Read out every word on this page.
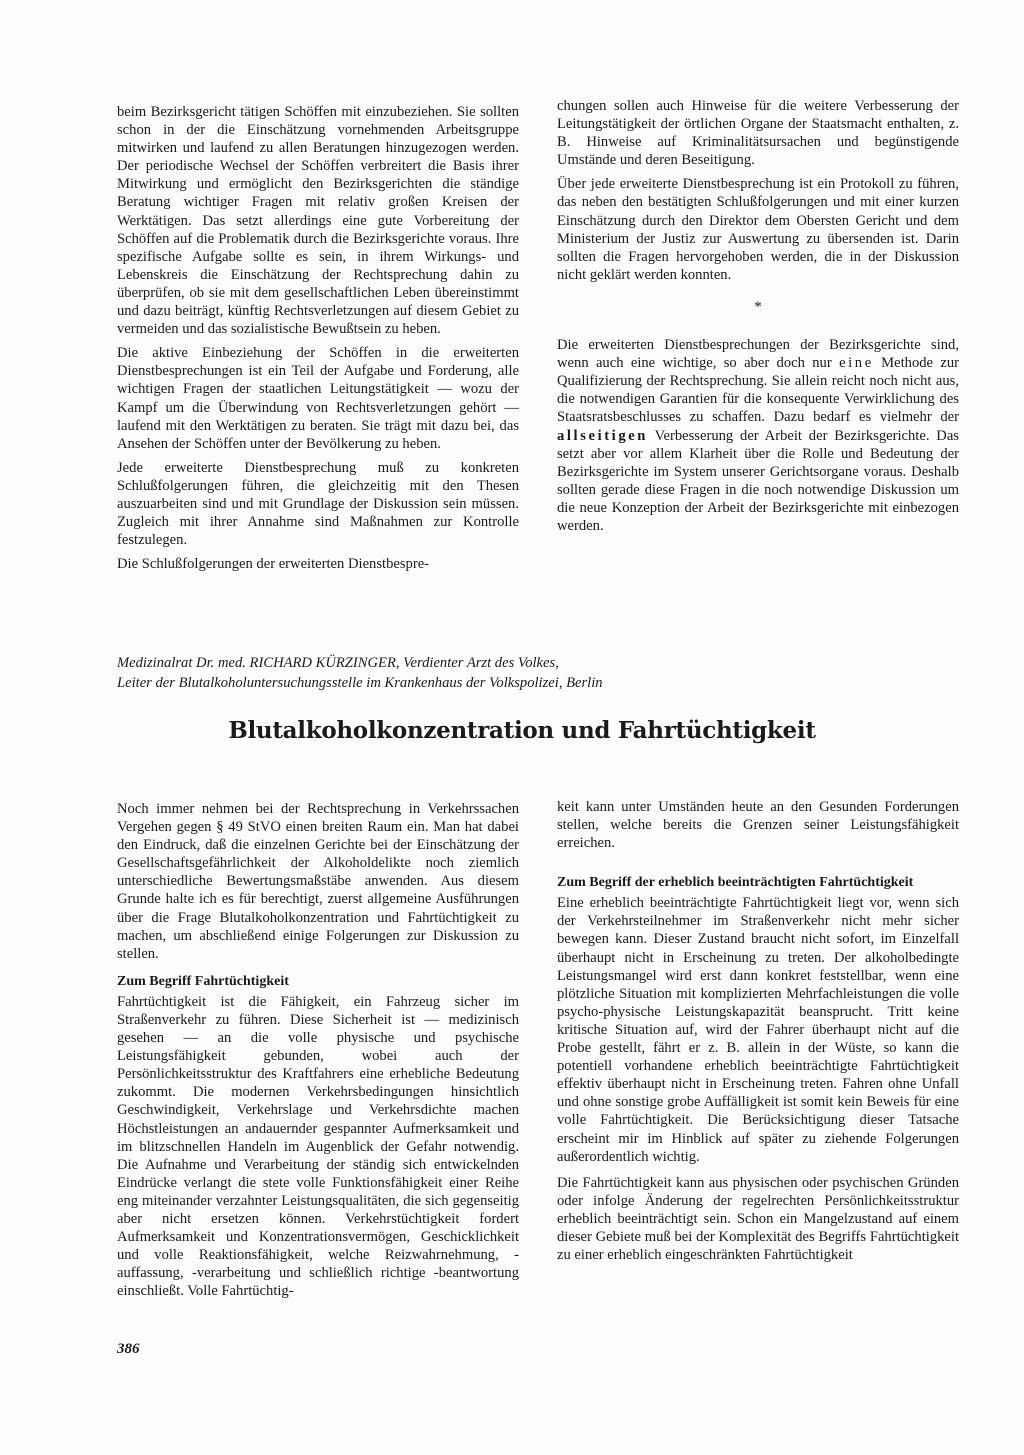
beim Bezirksgericht tätigen Schöffen mit einzubeziehen. Sie sollten schon in der die Einschätzung vornehmenden Arbeitsgruppe mitwirken und laufend zu allen Beratungen hinzugezogen werden. Der periodische Wechsel der Schöffen verbreitert die Basis ihrer Mitwirkung und ermöglicht den Bezirksgerichten die ständige Beratung wichtiger Fragen mit relativ großen Kreisen der Werktätigen. Das setzt allerdings eine gute Vorbereitung der Schöffen auf die Problematik durch die Bezirksgerichte voraus. Ihre spezifische Aufgabe sollte es sein, in ihrem Wirkungs- und Lebenskreis die Einschätzung der Rechtsprechung dahin zu überprüfen, ob sie mit dem gesellschaftlichen Leben übereinstimmt und dazu beiträgt, künftig Rechtsverletzungen auf diesem Gebiet zu vermeiden und das sozialistische Bewußtsein zu heben.

Die aktive Einbeziehung der Schöffen in die erweiterten Dienstbesprechungen ist ein Teil der Aufgabe und Forderung, alle wichtigen Fragen der staatlichen Leitungstätigkeit — wozu der Kampf um die Überwindung von Rechtsverletzungen gehört — laufend mit den Werktätigen zu beraten. Sie trägt mit dazu bei, das Ansehen der Schöffen unter der Bevölkerung zu heben.

Jede erweiterte Dienstbesprechung muß zu konkreten Schlußfolgerungen führen, die gleichzeitig mit den Thesen auszuarbeiten sind und mit Grundlage der Diskussion sein müssen. Zugleich mit ihrer Annahme sind Maßnahmen zur Kontrolle festzulegen.

Die Schlußfolgerungen der erweiterten Dienstbespre-

chungen sollen auch Hinweise für die weitere Verbesserung der Leitungstätigkeit der örtlichen Organe der Staatsmacht enthalten, z. B. Hinweise auf Kriminalitätsursachen und begünstigende Umstände und deren Beseitigung.

Über jede erweiterte Dienstbesprechung ist ein Protokoll zu führen, das neben den bestätigten Schlußfolgerungen und mit einer kurzen Einschätzung durch den Direktor dem Obersten Gericht und dem Ministerium der Justiz zur Auswertung zu übersenden ist. Darin sollten die Fragen hervorgehoben werden, die in der Diskussion nicht geklärt werden konnten.

*

Die erweiterten Dienstbesprechungen der Bezirksgerichte sind, wenn auch eine wichtige, so aber doch nur eine Methode zur Qualifizierung der Rechtsprechung. Sie allein reicht noch nicht aus, die notwendigen Garantien für die konsequente Verwirklichung des Staatsratsbeschlusses zu schaffen. Dazu bedarf es vielmehr der allseitigen Verbesserung der Arbeit der Bezirksgerichte. Das setzt aber vor allem Klarheit über die Rolle und Bedeutung der Bezirksgerichte im System unserer Gerichtsorgane voraus. Deshalb sollten gerade diese Fragen in die noch notwendige Diskussion um die neue Konzeption der Arbeit der Bezirksgerichte mit einbezogen werden.

Medizinalrat Dr. med. RICHARD KÜRZINGER, Verdienter Arzt des Volkes,
Leiter der Blutalkoholuntersuchungsstelle im Krankenhaus der Volkspolizei, Berlin
Blutalkoholkonzentration und Fahrtüchtigkeit

Noch immer nehmen bei der Rechtsprechung in Verkehrssachen Vergehen gegen § 49 StVO einen breiten Raum ein. Man hat dabei den Eindruck, daß die einzelnen Gerichte bei der Einschätzung der Gesellschaftsgefährlichkeit der Alkoholdelikte noch ziemlich unterschiedliche Bewertungsmaßstäbe anwenden. Aus diesem Grunde halte ich es für berechtigt, zuerst allgemeine Ausführungen über die Frage Blutalkoholkonzentration und Fahrtüchtigkeit zu machen, um abschließend einige Folgerungen zur Diskussion zu stellen.

Zum Begriff Fahrtüchtigkeit

Fahrtüchtigkeit ist die Fähigkeit, ein Fahrzeug sicher im Straßenverkehr zu führen. Diese Sicherheit ist — medizinisch gesehen — an die volle physische und psychische Leistungsfähigkeit gebunden, wobei auch der Persönlichkeitsstruktur des Kraftfahrers eine erhebliche Bedeutung zukommt. Die modernen Verkehrsbedingungen hinsichtlich Geschwindigkeit, Verkehrslage und Verkehrsdichte machen Höchstleistungen an andauernder gespannter Aufmerksamkeit und im blitzschnellen Handeln im Augenblick der Gefahr notwendig. Die Aufnahme und Verarbeitung der ständig sich entwickelnden Eindrücke verlangt die stete volle Funktionsfähigkeit einer Reihe eng miteinander verzahnter Leistungsqualitäten, die sich gegenseitig aber nicht ersetzen können. Verkehrstüchtigkeit fordert Aufmerksamkeit und Konzentrationsvermögen, Geschicklichkeit und volle Reaktionsfähigkeit, welche Reizwahrnehmung, -auffassung, -verarbeitung und schließlich richtige -beantwortung einschließt. Volle Fahrtüchtig-

keit kann unter Umständen heute an den Gesunden Forderungen stellen, welche bereits die Grenzen seiner Leistungsfähigkeit erreichen.

Zum Begriff der erheblich beeinträchtigten Fahrtüchtigkeit

Eine erheblich beeinträchtigte Fahrtüchtigkeit liegt vor, wenn sich der Verkehrsteilnehmer im Straßenverkehr nicht mehr sicher bewegen kann. Dieser Zustand braucht nicht sofort, im Einzelfall überhaupt nicht in Erscheinung zu treten. Der alkoholbedingte Leistungsmangel wird erst dann konkret feststellbar, wenn eine plötzliche Situation mit komplizierten Mehrfachleistungen die volle psycho-physische Leistungskapazität beansprucht. Tritt keine kritische Situation auf, wird der Fahrer überhaupt nicht auf die Probe gestellt, fährt er z. B. allein in der Wüste, so kann die potentiell vorhandene erheblich beeinträchtigte Fahrtüchtigkeit effektiv überhaupt nicht in Erscheinung treten. Fahren ohne Unfall und ohne sonstige grobe Auffälligkeit ist somit kein Beweis für eine volle Fahrtüchtigkeit. Die Berücksichtigung dieser Tatsache erscheint mir im Hinblick auf später zu ziehende Folgerungen außerordentlich wichtig.

Die Fahrtüchtigkeit kann aus physischen oder psychischen Gründen oder infolge Änderung der regelrechten Persönlichkeitsstruktur erheblich beeinträchtigt sein. Schon ein Mangelzustand auf einem dieser Gebiete muß bei der Komplexität des Begriffs Fahrtüchtigkeit zu einer erheblich eingeschränkten Fahrtüchtigkeit

386
